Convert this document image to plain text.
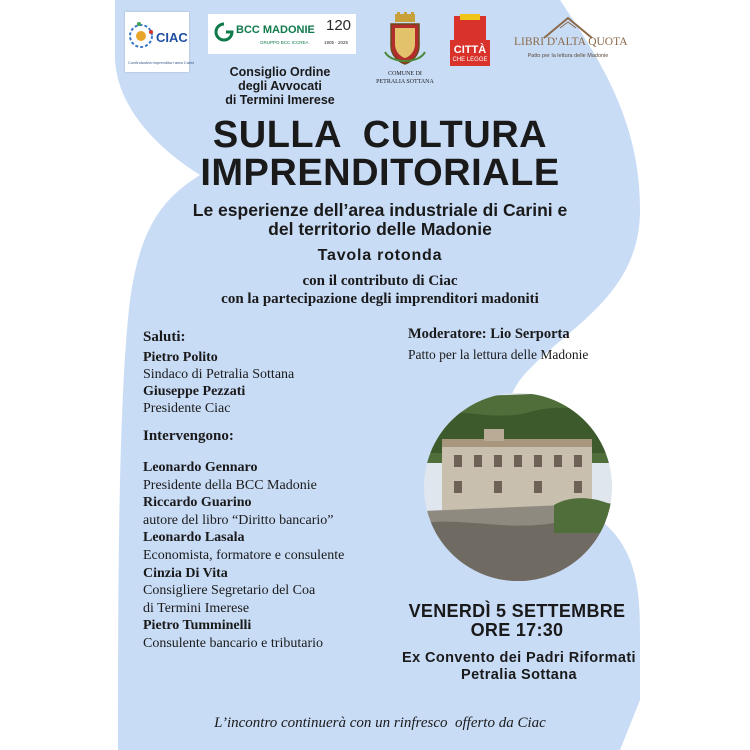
CIAC
Confindustria imprenditori area Carini
BCC MADONIE
GRUPPO BCC ICCREA
120
1905 · 2025
COMUNE DI
PETRALIA SOTTANA
CITTÀ
CHE LEGGE
LIBRI D'ALTA QUOTA
Patto per la lettura delle Madonie
Consiglio Ordine
degli Avvocati
di Termini Imerese
SULLA  CULTURA
IMPRENDITORIALE
Le esperienze dell’area industriale di Carini e
del territorio delle Madonie
Tavola rotonda
con il contributo di Ciac
con la partecipazione degli imprenditori madoniti
Saluti:
Pietro Polito
Sindaco di Petralia Sottana
Giuseppe Pezzati
Presidente Ciac
Intervengono:
Leonardo Gennaro
Presidente della BCC Madonie
Riccardo Guarino
autore del libro “Diritto bancario”
Leonardo Lasala
Economista, formatore e consulente
Cinzia Di Vita
Consigliere Segretario del Coa
di Termini Imerese
Pietro Tumminelli
Consulente bancario e tributario
Moderatore: Lio Serporta
Patto per la lettura delle Madonie
VENERDÌ 5 SETTEMBRE
ORE 17:30
Ex Convento dei Padri Riformati
Petralia Sottana
L’incontro continuerà con un rinfresco  offerto da Ciac
